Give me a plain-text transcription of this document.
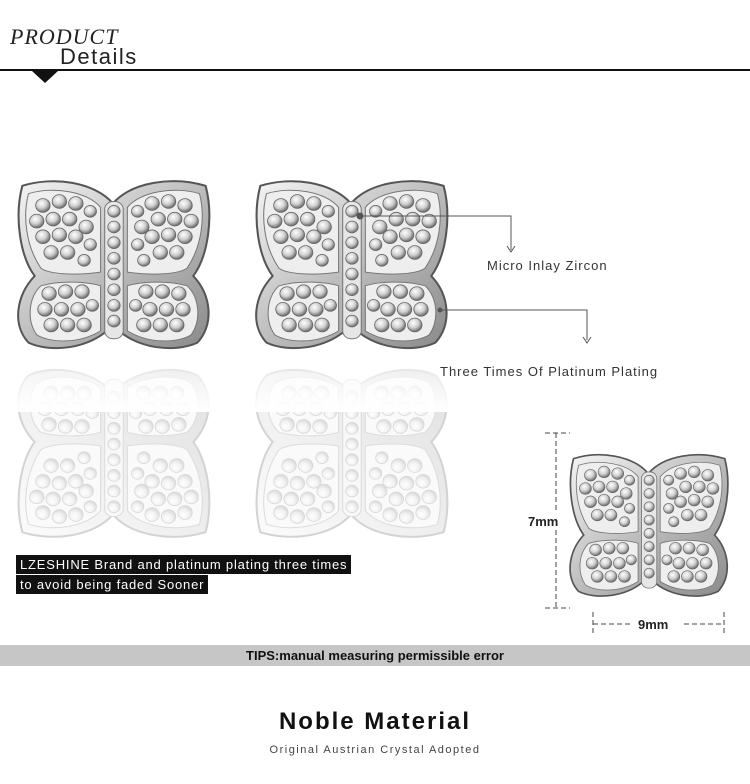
PRODUCT
Details
Micro Inlay Zircon
Three Times Of Platinum Plating
LZESHINE Brand and platinum plating three times
to avoid being faded Sooner
7mm
9mm
TIPS:manual measuring permissible error
Noble Material
Original Austrian Crystal Adopted
